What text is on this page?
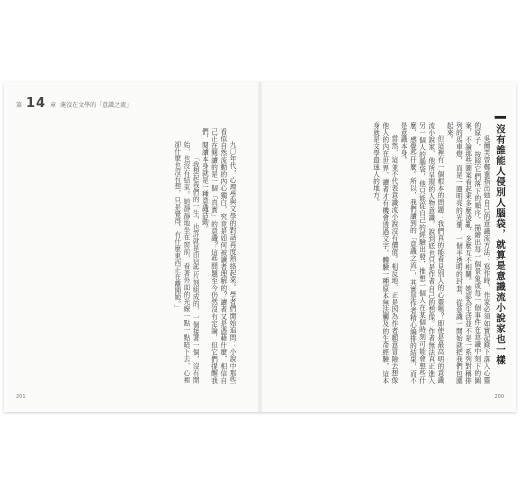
第 14 章 淹沒在文學的「意識之流」

九〇年代，心理學與文學的對話再度熱絡起來。學者們開始追問：小說中那些看似自然流動的內心獨白，究竟是如何被讀者理解的？讀者又是憑藉什麼，相信自己正在閱讀的是一個「真實」的意識？這些問題至今仍然沒有定論，但它們提醒我們，閱讀本身就是一種意識活動。

「我想起我們的一生，也許就是由這些片刻組成的，一個接著一個，沒有開始，也沒有結束。她靜靜地坐在窗前，看著外面的光線一點一點暗下去，心裡卻什麼也沒有想，只是覺得，有什麼東西正在離開她。」

201
▍沒有誰能人侵別人腦袋，就算是意識流小說家也一樣

吳爾芙曾鄭重指出她自己的意識流方法：寫作時，作家必須如實記錄下落入心靈的原子，按照它們落下的順序，描繪出每一個景象或每一個事件在意識中刻下的圖案，不論那些圖案看起來多麼凌亂、多麼互不相關。她認為生活並不是一系列對稱排列的馬車燈，而是一圈明亮的光暈，一個半透明的封套，從意識一開始就把我們包圍起來。

但這裡有一個根本的問題：我們真的能看見別人的心靈嗎？即使是最高明的意識流小說家，他所呈現的人物意識，說到底也只是作者自己的想像。作者無法真正進入另一個人的腦袋，他只能從自己的經驗出發，推想一個人在某個時刻可能會想些什麼、感覺些什麼。所以，我們讀到的「意識之流」，其實是作者精心編排的結果，而不是意識本身。

當然，這並不代表意識流小說沒有價值。相反地，正是因為作者願意冒險去想像他人的內在世界，讀者才有機會透過文字，體驗一種原本無法觸及的生命經驗，這本身就是文學最迷人的地方。

200
